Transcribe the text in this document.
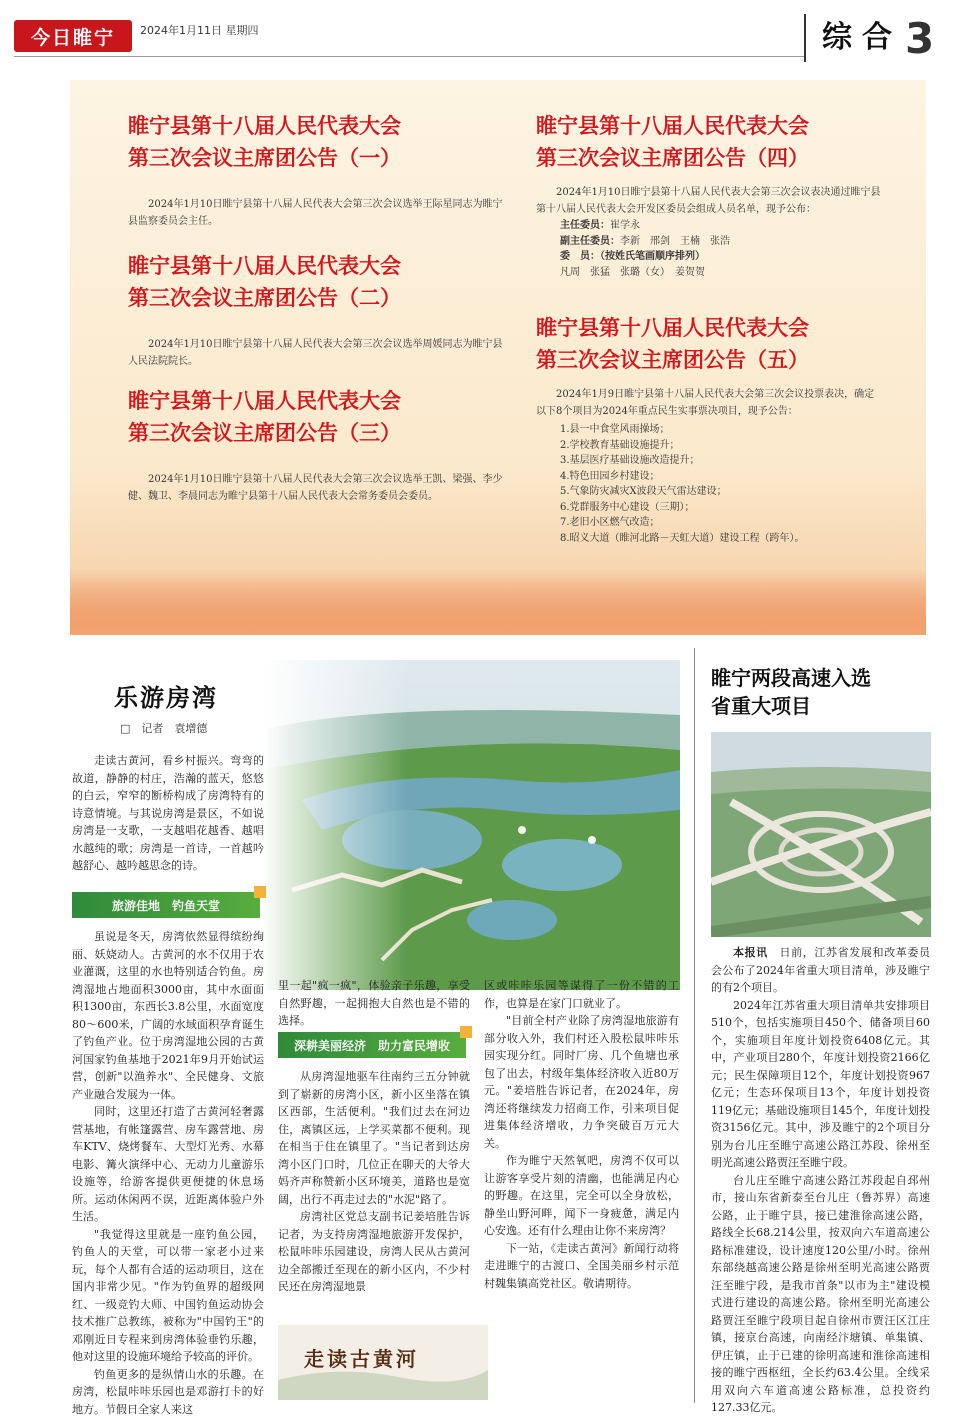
今日睢宁	2024年1月11日 星期四	综合 3
睢宁县第十八届人民代表大会
第三次会议主席团公告（一）
2024年1月10日睢宁县第十八届人民代表大会第三次会议选举王际星同志为睢宁县监察委员会主任。
睢宁县第十八届人民代表大会
第三次会议主席团公告（二）
2024年1月10日睢宁县第十八届人民代表大会第三次会议选举周媛同志为睢宁县人民法院院长。
睢宁县第十八届人民代表大会
第三次会议主席团公告（三）
2024年1月10日睢宁县第十八届人民代表大会第三次会议选举王凯、梁强、李少健、魏卫、李晨同志为睢宁县第十八届人民代表大会常务委员会委员。
睢宁县第十八届人民代表大会
第三次会议主席团公告（四）
2024年1月10日睢宁县第十八届人民代表大会第三次会议表决通过睢宁县第十八届人民代表大会开发区委员会组成人员名单，现予公布：
主任委员：崔学永
副主任委员：李新　邢剑　王楠　张浩
委　员：（按姓氏笔画顺序排列）
凡周　张猛　张璐（女）　姜贺贺
睢宁县第十八届人民代表大会
第三次会议主席团公告（五）
2024年1月9日睢宁县第十八届人民代表大会第三次会议投票表决，确定以下8个项目为2024年重点民生实事票决项目，现予公告：
1.县一中食堂风雨操场；
2.学校教育基础设施提升；
3.基层医疗基础设施改造提升；
4.特色田园乡村建设；
5.气象防灾减灾X波段天气雷达建设；
6.党群服务中心建设（三期）；
7.老旧小区燃气改造；
8.昭义大道（睢河北路－天虹大道）建设工程（跨年）。
乐游房湾
□　记者　袁增德

走读古黄河，看乡村振兴。弯弯的故道，静静的村庄，浩瀚的蓝天，悠悠的白云，窄窄的断桥构成了房湾特有的诗意情境。与其说房湾是景区，不如说房湾是一支歌，一支越唱花越香、越唱水越纯的歌；房湾是一首诗，一首越吟越舒心、越吟越思念的诗。

旅游佳地　钓鱼天堂

虽说是冬天，房湾依然显得缤纷绚丽、妖娆动人。古黄河的水不仅用于农业灌溉，这里的水也特别适合钓鱼。房湾湿地占地面积3000亩，其中水面面积1300亩，东西长3.8公里，水面宽度80～600米，广阔的水域面积孕育诞生了钓鱼产业。位于房湾湿地公园的古黄河国家钓鱼基地于2021年9月开始试运营，创新"以渔养水"、全民健身、文旅产业融合发展为一体。

同时，这里还打造了古黄河轻奢露营基地，有帐篷露营、房车露营地、房车KTV、烧烤餐车、大型灯光秀、水幕电影、篝火演绎中心、无动力儿童游乐设施等，给游客提供更便捷的休息场所。运动休闲两不误，近距离体验户外生活。

"我觉得这里就是一座钓鱼公园，钓鱼人的天堂，可以带一家老小过来玩，每个人都有合适的运动项目，这在国内非常少见。"作为钓鱼界的超级网红、一级竞钓大师、中国钓鱼运动协会技术推广总教练，被称为"中国钓王"的邓刚近日专程来到房湾体验垂钓乐趣，他对这里的设施环境给予较高的评价。

钓鱼更多的是纵情山水的乐趣。在房湾，松鼠咔咔乐园也是邓游打卡的好地方。节假日全家人来这

里一起"疯一疯"，体验亲子乐趣，享受自然野趣，一起拥抱大自然也是不错的选择。

深耕美丽经济　助力富民增收

从房湾湿地驱车往南约三五分钟就到了崭新的房湾小区，新小区坐落在镇区西部，生活便利。"我们过去在河边住，离镇区远，上学买菜都不便利。现在相当于住在镇里了。"当记者到达房湾小区门口时，几位正在聊天的大爷大妈齐声称赞新小区环境美，道路也是宽阔，出行不再走过去的"水泥"路了。

房湾社区党总支副书记姜培胜告诉记者，为支持房湾湿地旅游开发保护，松鼠咔咔乐园建设，房湾人民从古黄河边全部搬迁至现在的新小区内，不少村民还在房湾湿地景

区或咔咔乐园等谋得了一份不错的工作，也算是在家门口就业了。

"目前全村产业除了房湾湿地旅游有部分收入外，我们村还入股松鼠咔咔乐园实现分红。同时厂房、几个鱼塘也承包了出去，村级年集体经济收入近80万元。"姜培胜告诉记者，在2024年，房湾还将继续发力招商工作，引来项目促进集体经济增收，力争突破百万元大关。

作为睢宁天然氧吧，房湾不仅可以让游客享受片刻的清幽，也能满足内心的野趣。在这里，完全可以全身放松，静坐山野河畔，闻下一身疲惫，满足内心安逸。还有什么理由让你不来房湾？

下一站，《走读古黄河》新闻行动将走进睢宁的古渡口、全国美丽乡村示范村魏集镇高党社区。敬请期待。

走读古黄河
睢宁两段高速入选
省重大项目

本报讯　 日前，江苏省发展和改革委员会公布了2024年省重大项目清单，涉及睢宁的有2个项目。

2024年江苏省重大项目清单共安排项目510个，包括实施项目450个、储备项目60个，实施项目年度计划投资6408亿元。其中，产业项目280个，年度计划投资2166亿元；民生保障项目12个，年度计划投资967亿元；生态环保项目13个，年度计划投资119亿元；基础设施项目145个，年度计划投资3156亿元。其中，涉及睢宁的2个项目分别为台儿庄至睢宁高速公路江苏段、徐州至明光高速公路贾汪至睢宁段。

台儿庄至睢宁高速公路江苏段起自邳州市，接山东省新泰至台儿庄（鲁苏界）高速公路，止于睢宁县，接已建淮徐高速公路，路线全长68.214公里，按双向六车道高速公路标准建设，设计速度120公里/小时。徐州东部绕越高速公路是徐州至明光高速公路贾汪至睢宁段，是我市首条"以市为主"建设模式进行建设的高速公路。徐州至明光高速公路贾汪至睢宁段项目起自徐州市贾汪区江庄镇，接京台高速，向南经汴塘镇、单集镇、伊庄镇，止于已建的徐明高速和淮徐高速相接的睢宁西枢纽，全长约63.4公里。全线采用双向六车道高速公路标准，总投资约127.33亿元。
